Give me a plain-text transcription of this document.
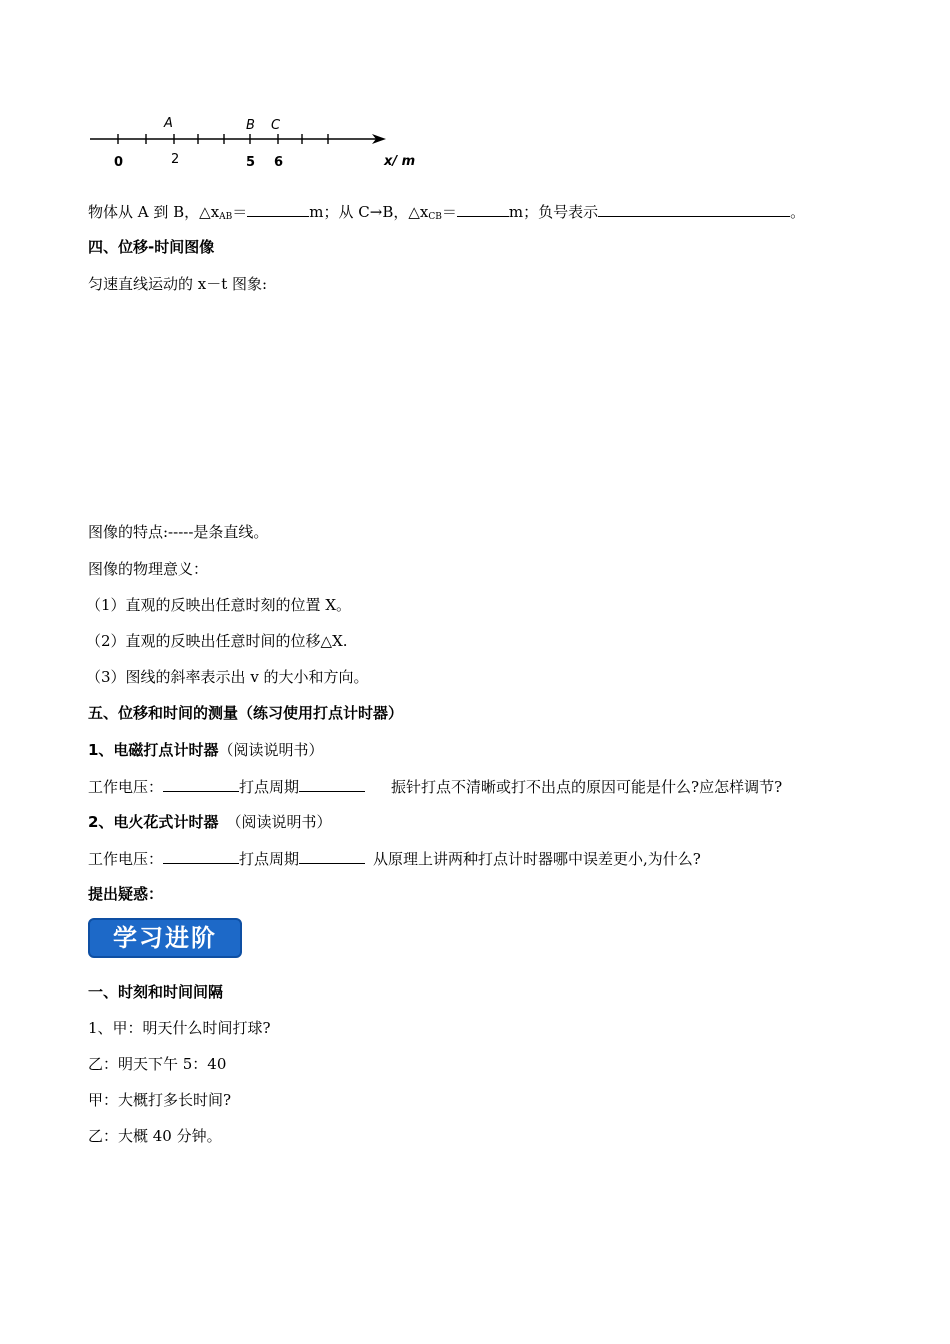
A	B C
0	2	5 6	x/ m
物体从 A 到 B，$\triangle x_{AB}=$	m；从 C→B，$\triangle x_{CB}=$	m；负号表示	。
四、位移-时间图像
匀速直线运动的 x－t 图象:
图像的特点:-----是条直线。
图像的物理意义：
（1）直观的反映出任意时刻的位置 X。
（2）直观的反映出任意时间的位移△X.
（3）图线的斜率表示出 v 的大小和方向。
五、位移和时间的测量（练习使用打点计时器）
1、电磁打点计时器（阅读说明书）
工作电压：	打点周期	振针打点不清晰或打不出点的原因可能是什么?应怎样调节?
2、电火花式计时器 （阅读说明书）
工作电压：	打点周期	从原理上讲两种打点计时器哪中误差更小,为什么?
提出疑惑：
学习进阶
一、时刻和时间间隔
1、甲：明天什么时间打球?
乙：明天下午 5：40
甲：大概打多长时间?
乙：大概 40 分钟。
